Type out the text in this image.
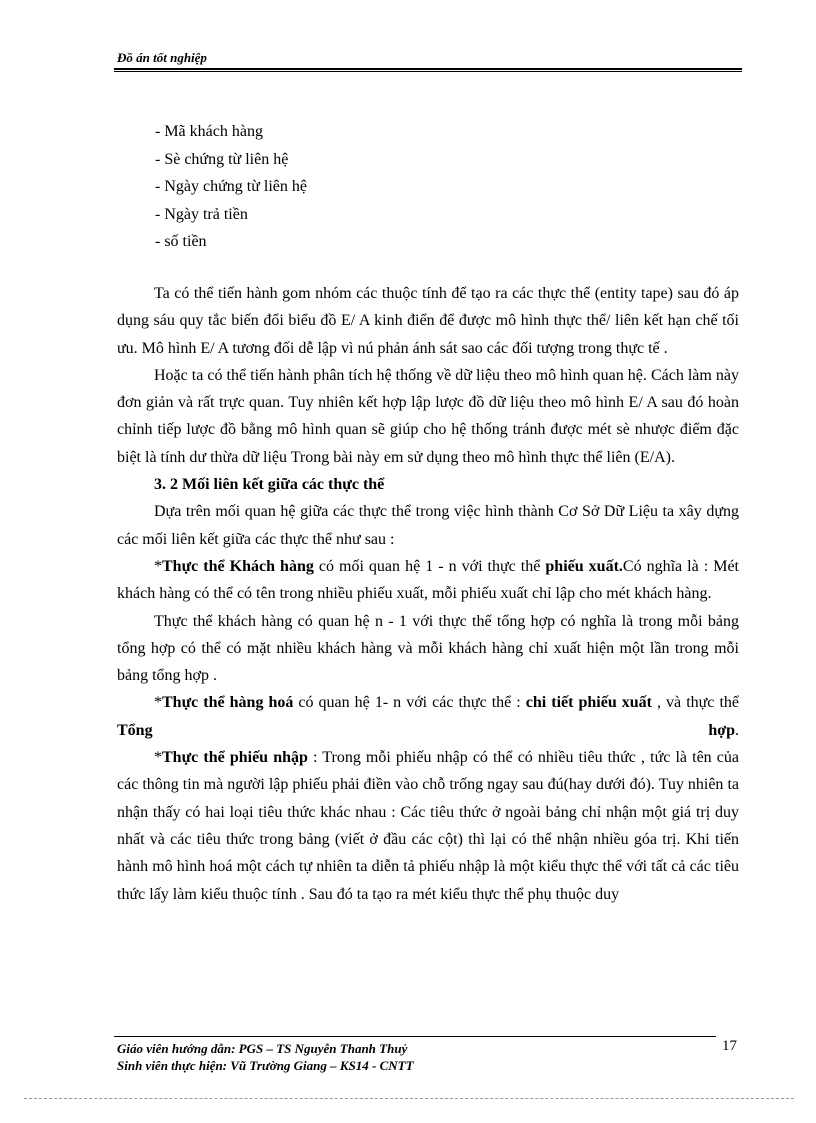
Đồ án tốt nghiệp
- Mã khách hàng
- Sè chứng từ liên hệ
- Ngày chứng từ liên hệ
- Ngày trả tiền
- số tiền

Ta có thể tiến hành gom nhóm các thuộc tính để tạo ra các thực thể (entity tape) sau đó áp dụng sáu quy tắc biến đổi biểu đồ E/ A kinh điển để được mô hình thực thể/ liên kết hạn chế tối ưu. Mô hình E/ A tương đối dễ lập vì nú phản ánh sát sao các đối tượng trong thực tế .

Hoặc ta có thể tiến hành phân tích hệ thống về dữ liệu theo mô hình quan hệ. Cách làm này đơn giản và rất trực quan. Tuy nhiên kết hợp lập lược đồ dữ liệu theo mô hình E/ A sau đó hoàn chỉnh tiếp lược đồ bằng mô hình quan sẽ giúp cho hệ thống tránh được mét sè nhược điểm đặc biệt là tính dư thừa dữ liệu Trong bài này em sử dụng theo mô hình thực thể liên (E/A).

3. 2 Mối liên kết giữa các thực thể

Dựa trên mối quan hệ giữa các thực thể trong việc hình thành Cơ Sở Dữ Liệu ta xây dựng các mối liên kết giữa các thực thể như sau :

*Thực thể Khách hàng có mối quan hệ 1 - n với thực thể phiếu xuất.Có nghĩa là : Mét khách hàng có thể có tên trong nhiều phiếu xuất, mỗi phiếu xuất chỉ lập cho mét khách hàng.

Thực thể khách hàng có quan hệ n - 1 với thực thể tổng hợp có nghĩa là trong mỗi bảng tổng hợp có thể có mặt nhiều khách hàng và mỗi khách hàng chỉ xuất hiện một lần trong mỗi bảng tổng hợp .

*Thực thể hàng hoá có quan hệ 1- n với các thực thể : chi tiết phiếu xuất , và thực thể Tổng hợp.

*Thực thể phiếu nhập : Trong mỗi phiếu nhập có thể có nhiều tiêu thức , tức là tên của các thông tin mà người lập phiếu phải điền vào chỗ trống ngay sau đú(hay dưới đó). Tuy nhiên ta nhận thấy có hai loại tiêu thức khác nhau : Các tiêu thức ở ngoài bảng chỉ nhận một giá trị duy nhất và các tiêu thức trong bảng (viết ở đầu các cột) thì lại có thể nhận nhiều góa trị. Khi tiến hành mô hình hoá một cách tự nhiên ta diễn tả phiếu nhập là một kiểu thực thể với tất cả các tiêu thức lấy làm kiểu thuộc tính . Sau đó ta tạo ra mét kiểu thực thể phụ thuộc duy

Giáo viên hướng dẫn: PGS – TS Nguyễn Thanh Thuỷ
Sinh viên thực hiện: Vũ Trường Giang – KS14 - CNTT
17
